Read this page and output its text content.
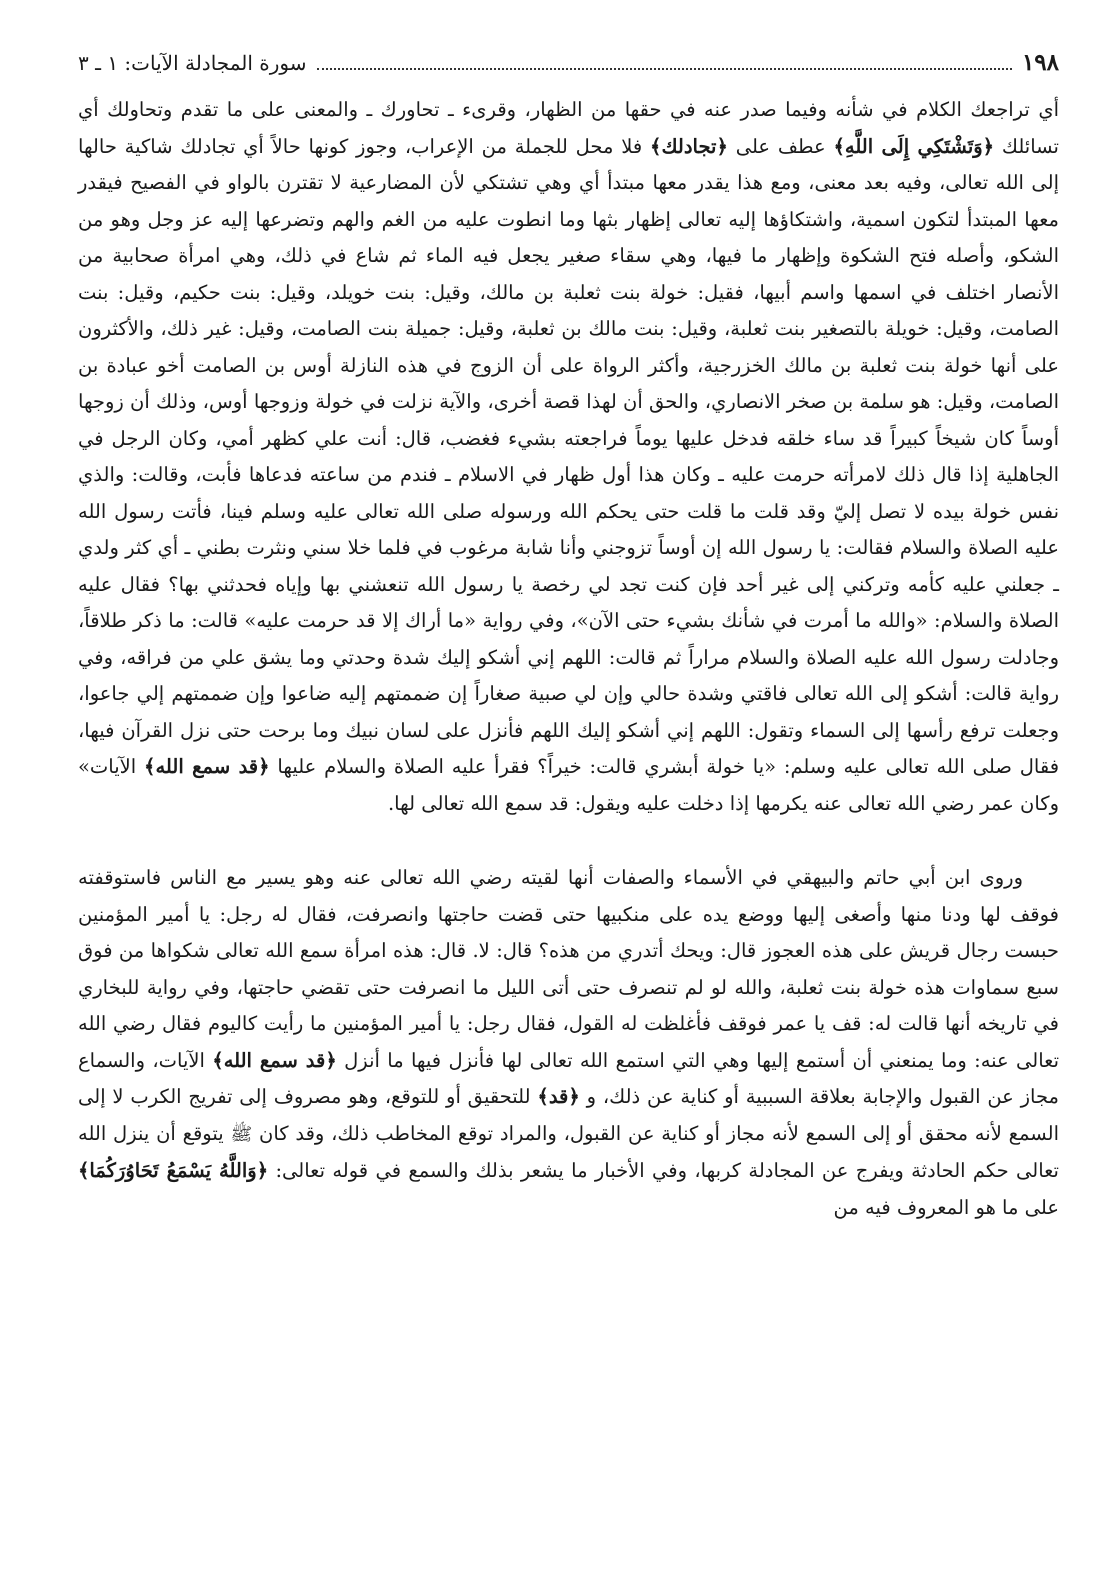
١٩٨
سورة المجادلة الآيات: ١ ـ ٣

أي تراجعك الكلام في شأنه وفيما صدر عنه في حقها من الظهار، وقرىء ـ تحاورك ـ والمعنى على ما تقدم وتحاولك أي تسائلك ﴿وَتَشْتَكِي إِلَى اللَّهِ﴾ عطف على ﴿تجادلك﴾ فلا محل للجملة من الإعراب، وجوز كونها حالاً أي تجادلك شاكية حالها إلى الله تعالى، وفيه بعد معنى، ومع هذا يقدر معها مبتدأ أي وهي تشتكي لأن المضارعية لا تقترن بالواو في الفصيح فيقدر معها المبتدأ لتكون اسمية، واشتكاؤها إليه تعالى إظهار بثها وما انطوت عليه من الغم والهم وتضرعها إليه عز وجل وهو من الشكو، وأصله فتح الشكوة وإظهار ما فيها، وهي سقاء صغير يجعل فيه الماء ثم شاع في ذلك، وهي امرأة صحابية من الأنصار اختلف في اسمها واسم أبيها، فقيل: خولة بنت ثعلبة بن مالك، وقيل: بنت خويلد، وقيل: بنت حكيم، وقيل: بنت الصامت، وقيل: خويلة بالتصغير بنت ثعلبة، وقيل: بنت مالك بن ثعلبة، وقيل: جميلة بنت الصامت، وقيل: غير ذلك، والأكثرون على أنها خولة بنت ثعلبة بن مالك الخزرجية، وأكثر الرواة على أن الزوج في هذه النازلة أوس بن الصامت أخو عبادة بن الصامت، وقيل: هو سلمة بن صخر الانصاري، والحق أن لهذا قصة أخرى، والآية نزلت في خولة وزوجها أوس، وذلك أن زوجها أوساً كان شيخاً كبيراً قد ساء خلقه فدخل عليها يوماً فراجعته بشيء فغضب، قال: أنت علي كظهر أمي، وكان الرجل في الجاهلية إذا قال ذلك لامرأته حرمت عليه ـ وكان هذا أول ظهار في الاسلام ـ فندم من ساعته فدعاها فأبت، وقالت: والذي نفس خولة بيده لا تصل إليّ وقد قلت ما قلت حتى يحكم الله ورسوله صلى الله تعالى عليه وسلم فينا، فأتت رسول الله عليه الصلاة والسلام فقالت: يا رسول الله إن أوساً تزوجني وأنا شابة مرغوب في فلما خلا سني ونثرت بطني ـ أي كثر ولدي ـ جعلني عليه كأمه وتركني إلى غير أحد فإن كنت تجد لي رخصة يا رسول الله تنعشني بها وإياه فحدثني بها؟ فقال عليه الصلاة والسلام: «والله ما أمرت في شأنك بشيء حتى الآن»، وفي رواية «ما أراك إلا قد حرمت عليه» قالت: ما ذكر طلاقاً، وجادلت رسول الله عليه الصلاة والسلام مراراً ثم قالت: اللهم إني أشكو إليك شدة وحدتي وما يشق علي من فراقه، وفي رواية قالت: أشكو إلى الله تعالى فاقتي وشدة حالي وإن لي صبية صغاراً إن ضممتهم إليه ضاعوا وإن ضممتهم إلي جاعوا، وجعلت ترفع رأسها إلى السماء وتقول: اللهم إني أشكو إليك اللهم فأنزل على لسان نبيك وما برحت حتى نزل القرآن فيها، فقال صلى الله تعالى عليه وسلم: «يا خولة أبشري قالت: خيراً؟ فقرأ عليه الصلاة والسلام عليها ﴿قد سمع الله﴾ الآيات» وكان عمر رضي الله تعالى عنه يكرمها إذا دخلت عليه ويقول: قد سمع الله تعالى لها.

وروى ابن أبي حاتم والبيهقي في الأسماء والصفات أنها لقيته رضي الله تعالى عنه وهو يسير مع الناس فاستوقفته فوقف لها ودنا منها وأصغى إليها ووضع يده على منكبيها حتى قضت حاجتها وانصرفت، فقال له رجل: يا أمير المؤمنين حبست رجال قريش على هذه العجوز قال: ويحك أتدري من هذه؟ قال: لا. قال: هذه امرأة سمع الله تعالى شكواها من فوق سبع سماوات هذه خولة بنت ثعلبة، والله لو لم تنصرف حتى أتى الليل ما انصرفت حتى تقضي حاجتها، وفي رواية للبخاري في تاريخه أنها قالت له: قف يا عمر فوقف فأغلظت له القول، فقال رجل: يا أمير المؤمنين ما رأيت كاليوم فقال رضي الله تعالى عنه: وما يمنعني أن أستمع إليها وهي التي استمع الله تعالى لها فأنزل فيها ما أنزل ﴿قد سمع الله﴾ الآيات، والسماع مجاز عن القبول والإجابة بعلاقة السببية أو كناية عن ذلك، و ﴿قد﴾ للتحقيق أو للتوقع، وهو مصروف إلى تفريج الكرب لا إلى السمع لأنه محقق أو إلى السمع لأنه مجاز أو كناية عن القبول، والمراد توقع المخاطب ذلك، وقد كان ﷺ يتوقع أن ينزل الله تعالى حكم الحادثة ويفرج عن المجادلة كربها، وفي الأخبار ما يشعر بذلك والسمع في قوله تعالى: ﴿وَاللَّهُ يَسْمَعُ تَحَاوُرَكُمَا﴾ على ما هو المعروف فيه من
